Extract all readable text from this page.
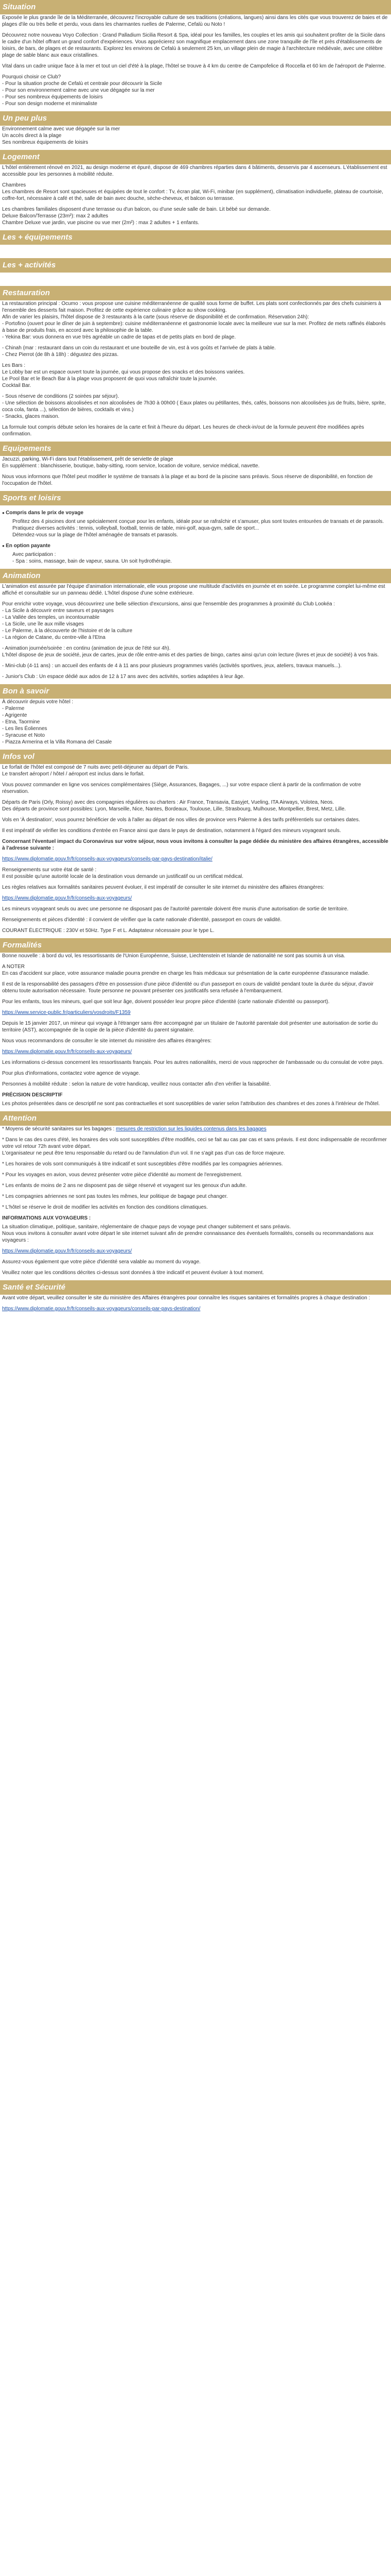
Situation
Exposée le plus grande île de la Méditerranée, découvrez l'incroyable culture de ses traditions (créations, langues) ainsi dans les cités que vous trouverez de baies et de plages d'ile ou très belle et perdu, vous dans les charmantes ruelles de Palerme, Cefalù ou Noto !
Découvrez notre nouveau Voyo Collection : Grand Palladium Sicilia Resort & Spa, idéal pour les familles, les couples et les amis qui souhaitent profiter de la Sicile dans le cadre d'un hôtel offrant un grand confort d'expériences. Vous apprécierez son magnifique emplacement dans une zone tranquille de l'île et près d'établissements de loisirs, de bars, de plages et de restaurants. Explorez les environs de Cefalù à seulement 25 km, un village plein de magie à l'architecture médiévale, avec une célèbre plage de sable blanc aux eaux cristallines.
Vital dans un cadre unique face à la mer et tout un ciel d'été à la plage, l'hôtel se trouve à 4 km du centre de Campofelice di Roccella et 60 km de l'aéroport de Palerme.
Pourquoi choisir ce Club?
- Pour la situation proche de Cefalù et centrale pour découvrir la Sicile
- Pour son environnement calme avec une vue dégagée sur la mer
- Pour ses nombreux équipements de loisirs
- Pour son design moderne et minimaliste
Un peu plus
Environnement calme avec vue dégagée sur la mer
Un accès direct à la plage
Ses nombreux équipements de loisirs
Logement
L'hôtel entièrement rénové en 2021, au design moderne et épuré, dispose de 469 chambres réparties dans 4 bâtiments, desservis par 4 ascenseurs. L'établissement est accessible pour les personnes à mobilité réduite.
Chambres
Les chambres de Resort sont spacieuses et équipées de tout le confort : Tv, écran plat, Wi-Fi, minibar (en supplément), climatisation individuelle, plateau de courtoisie, coffre-fort, nécessaire à café et thé, salle de bain avec douche, sèche-cheveux, et balcon ou terrasse.
Les chambres familiales disposent d'une terrasse ou d'un balcon, ou d'une seule salle de bain. Lit bébé sur demande.
Deluxe Balcon/Terrasse (23m²): max 2 adultes
Chambre Deluxe vue jardin, vue piscine ou vue mer (2m²) : max 2 adultes + 1 enfants.
Les + équipements
Les + activités
Restauration
La restauration principal : Ocumo : vous propose une cuisine méditerranéenne de qualité sous forme de buffet. Les plats sont confectionnés par des chefs cuisiniers à l'ensemble des desserts fait maison. Profitez de cette expérience culinaire grâce au show cooking.
Afin de varier les plaisirs, l'hôtel dispose de 3 restaurants à la carte (sous réserve de disponibilité et de confirmation. Réservation 24h):
- Portofino (ouvert pour le dîner de juin à septembre): cuisine méditerranéenne et gastronomie locale avec la meilleure vue sur la mer. Profitez de mets raffinés élaborés à base de produits frais, en accord avec la philosophie de la table.
- Yekina Bar: vous donnera en vue très agréable un cadre de tapas et de petits plats en bord de plage.
- Chinah (mar : restaurant dans un coin du restaurant et une bouteille de vin, est à vos goûts et l'arrivée de plats à table.
- Chez Pierrot (de 8h à 18h) : dégustez des pizzas.
Les Bars :
Le Lobby bar est un espace ouvert toute la journée, qui vous propose des snacks et des boissons variées.
Le Pool Bar et le Beach Bar à la plage vous proposent de quoi vous rafraîchir toute la journée.
Cocktail Bar.
- Sous réserve de conditions (2 soirées par séjour).
- Une sélection de boissons alcoolisées et non alcoolisées de 7h30 à 00h00 ( Eaux plates ou pétillantes, thés, cafés, boissons non alcoolisées jus de fruits, bière, sprite, coca cola, fanta ...), sélection de bières, cocktails et vins.)
- Snacks, glaces maison.
La formule tout compris débute selon les horaires de la carte et finit à l'heure du départ. Les heures de check-in/out de la formule peuvent être modifiées après confirmation.
Equipements
Jacuzzi, parking, Wi-Fi dans tout l'établissement, prêt de serviette de plage
En supplément : blanchisserie, boutique, baby-sitting, room service, location de voiture, service médical, navette.
Nous vous informons que l'hôtel peut modifier le système de transats à la plage et au bord de la piscine sans préavis. Sous réserve de disponibilité, en fonction de l'occupation de l'hôtel.
Sports et loisirs
● Compris dans le prix de voyage
Profitez des 4 piscines dont une spécialement conçue pour les enfants, idéale pour se rafraîchir et s'amuser, plus sont toutes entourées de transats et de parasols.
Pratiquez diverses activités : tennis, volleyball, football, tennis de table, mini-golf, aqua-gym, salle de sport...
Détendez-vous sur la plage de l'hôtel aménagée de transats et parasols.
● En option payante
Avec participation :
- Spa : soins, massage, bain de vapeur, sauna. Un soit hydrothérapie.
Animation
L'animation est assurée par l'équipe d'animation internationale, elle vous propose une multitude d'activités en journée et en soirée. Le programme complet lui-même est affiché et consultable sur un panneau dédié. L'hôtel dispose d'une scène extérieure.
Pour enrichir votre voyage, vous découvrirez une belle sélection d'excursions, ainsi que l'ensemble des programmes à proximité du Club Lookéa :
- La Sicile à découvrir entre saveurs et paysages
- La Vallée des temples, un incontournable
- La Sicile, une île aux mille visages
- Le Palerme, à la découverte de l'histoire et de la culture
- La région de Catane, du centre-ville à l'Etna
- Animation journée/soirée : en continu (animation de jeux de l'été sur 4h).
L'hôtel dispose de jeux de société, jeux de cartes, jeux de rôle entre-amis et des parties de bingo, cartes ainsi qu'un coin lecture (livres et jeux de société) à vos frais.
- Mini-club (4-11 ans) : un accueil des enfants de 4 à 11 ans pour plusieurs programmes variés (activités sportives, jeux, ateliers, travaux manuels...).
- Junior's Club : Un espace dédié aux ados de 12 à 17 ans avec des activités, sorties adaptées à leur âge.
Bon à savoir
À découvrir depuis votre hôtel :
- Palerme
- Agrigente
- Etna, Taormine
- Les îles Éoliennes
- Syracuse et Noto
- Piazza Armerina et la Villa Romana del Casale
Infos vol
Le forfait de l'hôtel est composé de 7 nuits avec petit-déjeuner au départ de Paris.
Le transfert aéroport / hôtel / aéroport est inclus dans le forfait.
Vous pouvez commander en ligne vos services complémentaires (Siège, Assurances, Bagages, ...) sur votre espace client à partir de la confirmation de votre réservation.
Départs de Paris (Orly, Roissy) avec des compagnies régulières ou charters : Air France, Transavia, Easyjet, Vueling, ITA Airways, Volotea, Neos.
Des départs de province sont possibles: Lyon, Marseille, Nice, Nantes, Bordeaux, Toulouse, Lille, Strasbourg, Mulhouse, Montpellier, Brest, Metz, Lille.
Vols en 'À destination', vous pourrez bénéficier de vols à l'aller au départ de nos villes de province vers Palerme à des tarifs préférentiels sur certaines dates.
Il est impératif de vérifier les conditions d'entrée en France ainsi que dans le pays de destination, notamment à l'égard des mineurs voyageant seuls.
Concernant l'éventuel impact du Coronavirus sur votre séjour, nous vous invitons à consulter la page dédiée du ministère des affaires étrangères, accessible à l'adresse suivante :

https://www.diplomatie.gouv.fr/fr/conseils-aux-voyageurs/conseils-par-pays-destination/italie/

Renseignements sur votre état de santé :
Il est possible qu'une autorité locale de la destination vous demande un justificatif ou un certificat médical.
Les règles relatives aux formalités sanitaires peuvent évoluer, il est impératif de consulter le site internet du ministère des affaires étrangères:

https://www.diplomatie.gouv.fr/fr/conseils-aux-voyageurs/

Les mineurs voyageant seuls ou avec une personne ne disposant pas de l'autorité parentale doivent être munis d'une autorisation de sortie de territoire.
Renseignements et pièces d'identité : il convient de vérifier que la carte nationale d'identité, passeport en cours de validité.
COURANT ÉLECTRIQUE : 230V et 50Hz. Type F et L. Adaptateur nécessaire pour le type L.
Formalités
Bonne nouvelle : à bord du vol, les ressortissants de l'Union Européenne, Suisse, Liechtenstein et Islande de nationalité ne sont pas soumis à un visa.
A NOTER
En cas d'accident sur place, votre assurance maladie pourra prendre en charge les frais médicaux sur présentation de la carte européenne d'assurance maladie.
Il est de la responsabilité des passagers d'être en possession d'une pièce d'identité ou d'un passeport en cours de validité pendant toute la durée du séjour, d'avoir obtenu toute autorisation nécessaire. Toute personne ne pouvant présenter ces justificatifs sera refusée à l'embarquement.
Pour les enfants, tous les mineurs, quel que soit leur âge, doivent posséder leur propre pièce d'identité (carte nationale d'identité ou passeport).

https://www.service-public.fr/particuliers/vosdroits/F1359

Depuis le 15 janvier 2017, un mineur qui voyage à l'étranger sans être accompagné par un titulaire de l'autorité parentale doit présenter une autorisation de sortie du territoire (AST), accompagnée de la copie de la pièce d'identité du parent signataire.
Nous vous recommandons de consulter le site internet du ministère des affaires étrangères:

https://www.diplomatie.gouv.fr/fr/conseils-aux-voyageurs/

Les informations ci-dessus concernent les ressortissants français. Pour les autres nationalités, merci de vous rapprocher de l'ambassade ou du consulat de votre pays.
Pour plus d'informations, contactez votre agence de voyage.
Personnes à mobilité réduite : selon la nature de votre handicap, veuillez nous contacter afin d'en vérifier la faisabilité.
PRÉCISION DESCRIPTIF
Les photos présentées dans ce descriptif ne sont pas contractuelles et sont susceptibles de varier selon l'attribution des chambres et des zones à l'intérieur de l'hôtel.
Attention

* Moyens de sécurité sanitaires sur les bagages : mesures de restriction sur les liquides contenus dans les bagages

* Dans le cas des cures d'été, les horaires des vols sont susceptibles d'être modifiés, ceci se fait au cas par cas et sans préavis. Il est donc indispensable de reconfirmer votre vol retour 72h avant votre départ.
L'organisateur ne peut être tenu responsable du retard ou de l'annulation d'un vol. Il ne s'agit pas d'un cas de force majeure.
* Les horaires de vols sont communiqués à titre indicatif et sont susceptibles d'être modifiés par les compagnies aériennes.
* Pour les voyages en avion, vous devrez présenter votre pièce d'identité au moment de l'enregistrement.
* Les enfants de moins de 2 ans ne disposent pas de siège réservé et voyagent sur les genoux d'un adulte.
* Les compagnies aériennes ne sont pas toutes les mêmes, leur politique de bagage peut changer.
* L'hôtel se réserve le droit de modifier les activités en fonction des conditions climatiques.
INFORMATIONS AUX VOYAGEURS :
La situation climatique, politique, sanitaire, réglementaire de chaque pays de voyage peut changer subitement et sans préavis.
Nous vous invitons à consulter avant votre départ le site internet suivant afin de prendre connaissance des éventuels formalités, conseils ou recommandations aux voyageurs :

https://www.diplomatie.gouv.fr/fr/conseils-aux-voyageurs/

Assurez-vous également que votre pièce d'identité sera valable au moment du voyage.
Veuillez noter que les conditions décrites ci-dessus sont données à titre indicatif et peuvent évoluer à tout moment.
Santé et Sécurité
Avant votre départ, veuillez consulter le site du ministère des Affaires étrangères pour connaître les risques sanitaires et formalités propres à chaque destination :

https://www.diplomatie.gouv.fr/fr/conseils-aux-voyageurs/conseils-par-pays-destination/
